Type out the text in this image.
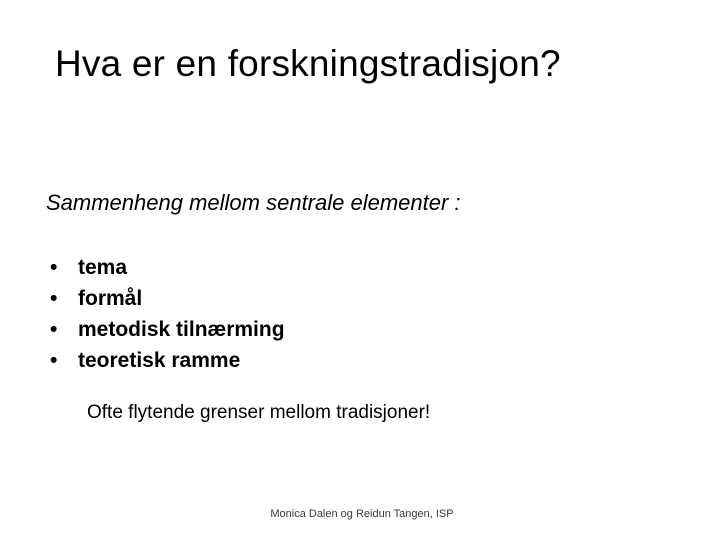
Hva er en forskningstradisjon?
Sammenheng mellom sentrale elementer :
• tema
• formål
• metodisk tilnærming
• teoretisk ramme
Ofte flytende grenser mellom tradisjoner!
Monica Dalen og Reidun Tangen, ISP
